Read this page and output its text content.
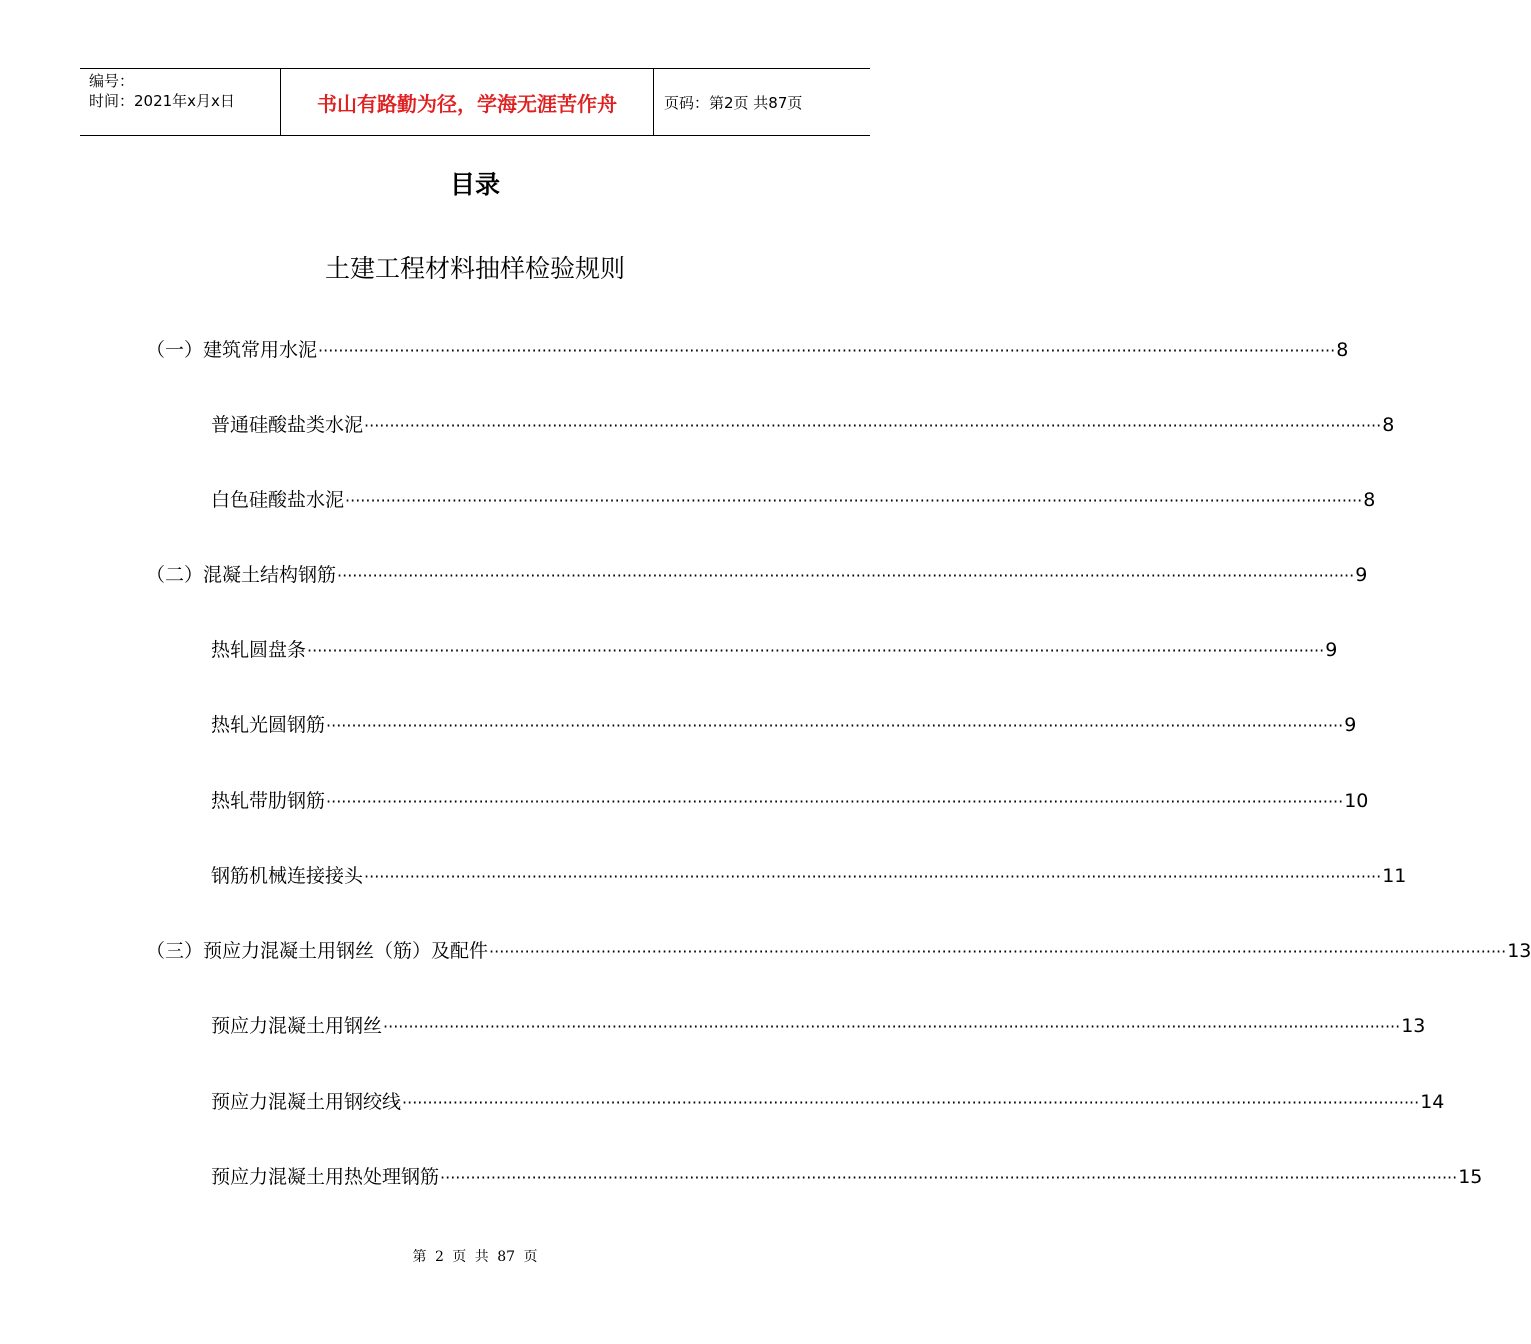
编号：
时间：2021年x月x日	书山有路勤为径，学海无涯苦作舟	页码：第2页 共87页
目录
土建工程材料抽样检验规则
（一）建筑常用水泥 ········································································································································································································ 8
普通硅酸盐类水泥 ········································································································································································································ 8
白色硅酸盐水泥 ········································································································································································································ 8
（二）混凝土结构钢筋 ········································································································································································································ 9
热轧圆盘条 ········································································································································································································ 9
热轧光圆钢筋 ········································································································································································································ 9
热轧带肋钢筋 ········································································································································································································ 10
钢筋机械连接接头 ········································································································································································································ 11
（三）预应力混凝土用钢丝（筋）及配件 ········································································································································································································ 13
预应力混凝土用钢丝 ········································································································································································································ 13
预应力混凝土用钢绞线 ········································································································································································································ 14
预应力混凝土用热处理钢筋 ········································································································································································································ 15
第 2 页 共 87 页
